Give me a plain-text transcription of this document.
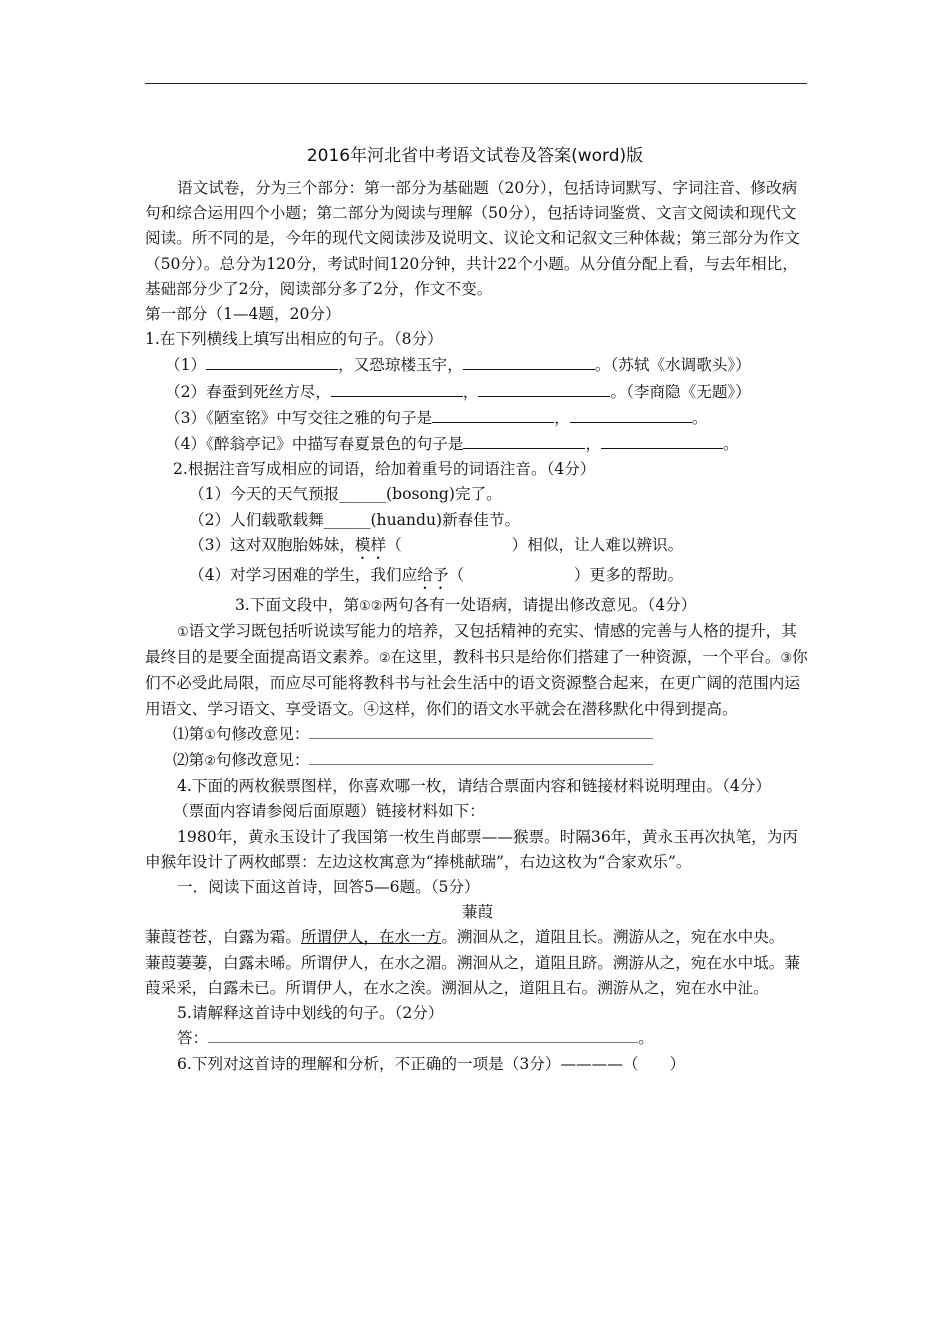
2016年河北省中考语文试卷及答案(word)版

语文试卷，分为三个部分：第一部分为基础题（20分），包括诗词默写、字词注音、修改病句和综合运用四个小题；第二部分为阅读与理解（50分），包括诗词鉴赏、文言文阅读和现代文阅读。所不同的是，今年的现代文阅读涉及说明文、议论文和记叙文三种体裁；第三部分为作文（50分）。总分为120分，考试时间120分钟，共计22个小题。从分值分配上看，与去年相比，基础部分少了2分，阅读部分多了2分，作文不变。

第一部分（1—4题，20分）

1.在下列横线上填写出相应的句子。（8分）

（1）	，又恐琼楼玉宇，	。（苏轼《水调歌头》）

（2）春蚕到死丝方尽，	，	。（李商隐《无题》）

（3）《陋室铭》中写交往之雅的句子是	，	。

（4）《醉翁亭记》中描写春夏景色的句子是	，	。

2.根据注音写成相应的词语，给加着重号的词语注音。（4分）

（1）今天的天气预报______(bosong)完了。

（2）人们载歌载舞______(huandu)新春佳节。

（3）这对双胞胎姊妹，模样（	）相似，让人难以辨识。

（4）对学习困难的学生，我们应给予（	）更多的帮助。

3.下面文段中，第①②两句各有一处语病，请提出修改意见。（4分）

①语文学习既包括听说读写能力的培养，又包括精神的充实、情感的完善与人格的提升，其最终目的是要全面提高语文素养。②在这里，教科书只是给你们搭建了一种资源，一个平台。③你们不必受此局限，而应尽可能将教科书与社会生活中的语文资源整合起来，在更广阔的范围内运用语文、学习语文、享受语文。④这样，你们的语文水平就会在潜移默化中得到提高。

⑴第①句修改意见：

⑵第②句修改意见：

4.下面的两枚猴票图样，你喜欢哪一枚，请结合票面内容和链接材料说明理由。（4分）

（票面内容请参阅后面原题）链接材料如下：

1980年，黄永玉设计了我国第一枚生肖邮票——猴票。时隔36年，黄永玉再次执笔，为丙申猴年设计了两枚邮票：左边这枚寓意为“捧桃献瑞”，右边这枚为“合家欢乐”。

一．阅读下面这首诗，回答5—6题。（5分）

蒹葭

蒹葭苍苍，白露为霜。所谓伊人，在水一方。溯洄从之，道阻且长。溯游从之，宛在水中央。

蒹葭萋萋，白露未晞。所谓伊人，在水之湄。溯洄从之，道阻且跻。溯游从之，宛在水中坻。蒹葭采采，白露未已。所谓伊人，在水之涘。溯洄从之，道阻且右。溯游从之，宛在水中沚。

5.请解释这首诗中划线的句子。（2分）

答：	。

6.下列对这首诗的理解和分析，不正确的一项是（3分）————（　　）
